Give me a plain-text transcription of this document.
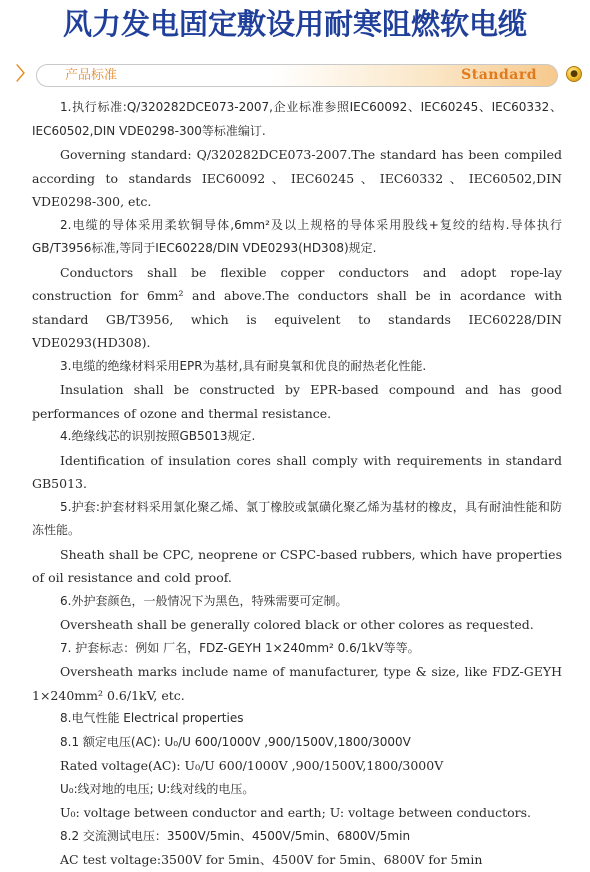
风力发电固定敷设用耐寒阻燃软电缆
〉 产品标准	Standard	●

1.执行标准:Q/320282DCE073-2007,企业标准参照IEC60092、IEC60245、IEC60332、IEC60502,DIN VDE0298-300等标准编订.

Governing standard: Q/320282DCE073-2007.The standard has been compiled according to standards IEC60092、IEC60245、IEC60332、IEC60502,DIN VDE0298-300, etc.

2.电缆的导体采用柔软铜导体,6mm²及以上规格的导体采用股线+复绞的结构.导体执行GB/T3956标准,等同于IEC60228/DIN VDE0293(HD308)规定.

Conductors shall be flexible copper conductors and adopt rope-lay construction for 6mm² and above.The conductors shall be in acordance with standard GB/T3956, which is equivelent to standards IEC60228/DIN VDE0293(HD308).

3.电缆的绝缘材料采用EPR为基材,具有耐臭氧和优良的耐热老化性能.

Insulation shall be constructed by EPR-based compound and has good performances of ozone and thermal resistance.

4.绝缘线芯的识别按照GB5013规定.

Identification of insulation cores shall comply with requirements in standard GB5013.

5.护套:护套材料采用氯化聚乙烯、氯丁橡胶或氯磺化聚乙烯为基材的橡皮，具有耐油性能和防冻性能。

Sheath shall be CPC, neoprene or CSPC-based rubbers, which have properties of oil resistance and cold proof.

6.外护套颜色，一般情况下为黑色，特殊需要可定制。

Oversheath shall be generally colored black or other colores as requested.

7. 护套标志：例如 厂名，FDZ-GEYH 1×240mm² 0.6/1kV等等。

Oversheath marks include name of manufacturer, type & size, like FDZ-GEYH 1×240mm² 0.6/1kV, etc.

8.电气性能 Electrical properties

8.1 额定电压(AC): U₀/U 600/1000V ,900/1500V,1800/3000V

Rated voltage(AC): U₀/U 600/1000V ,900/1500V,1800/3000V

U₀:线对地的电压; U:线对线的电压。

U₀: voltage between conductor and earth; U: voltage between conductors.

8.2 交流测试电压：3500V/5min、4500V/5min、6800V/5min

AC test voltage:3500V for 5min、4500V for 5min、6800V for 5min
